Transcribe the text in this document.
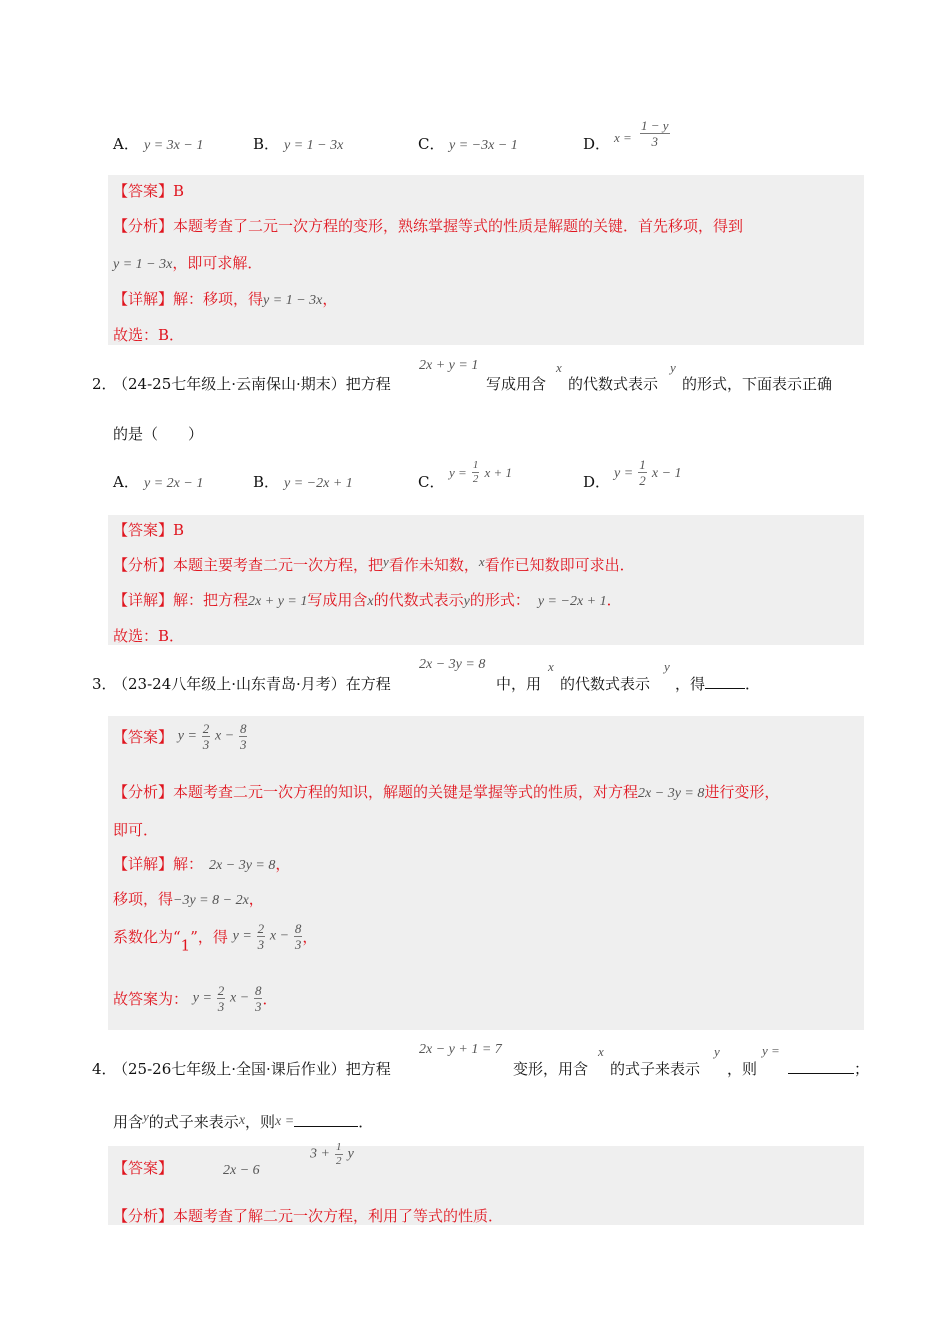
A． y = 3x − 1	B． y = 1 − 3x	C． y = −3x − 1	D． $x = \frac{1 - y}{3}$
【答案】B
【分析】本题考查了二元一次方程的变形，熟练掌握等式的性质是解题的关键．首先移项，得到
y = 1 − 3x，即可求解．
【详解】解：移项，得y = 1 − 3x，
故选：B．
2．
（24-25七年级上·云南保山·期末）把方程
2x + y = 1
写成用含
x
的代数式表示
y
的形式，下面表示正确
的是（　　）
A． y = 2x − 1	B． y = −2x + 1	C．
$y = \frac{1}{2}$ x + 1
D． $y = \frac{1}{2}$ x − 1
【答案】B
【分析】本题主要考查二元一次方程，把y看作未知数，x看作已知数即可求出．
【详解】解：把方程2x + y = 1写成用含x的代数式表示y的形式： y = −2x + 1．
故选：B．
3．
（23-24八年级上·山东青岛·月考）在方程
2x − 3y = 8
中，用
x
的代数式表示
y
，得	．
【答案】 $y = \frac{2}{3}$ $x - \frac{8}{3}$
【分析】本题考查二元一次方程的知识，解题的关键是掌握等式的性质，对方程2x − 3y = 8进行变形，
即可．
【详解】解： 2x − 3y = 8，
移项，得−3y = 8 − 2x，
系数化为“1”，得 $y = \frac{2}{3}$ $x - \frac{8}{3}$ ，
故答案为： $y = \frac{2}{3}$ $x - \frac{8}{3}$ ．
4．
（25-26七年级上·全国·课后作业）把方程
2x − y + 1 = 7
变形，用含
x
的式子来表示
y
，则
y =
；
用含y的式子来表示x，则x =	．
【答案】	2x − 6
$3 + \frac{1}{2}$ y
【分析】本题考查了解二元一次方程，利用了等式的性质．
